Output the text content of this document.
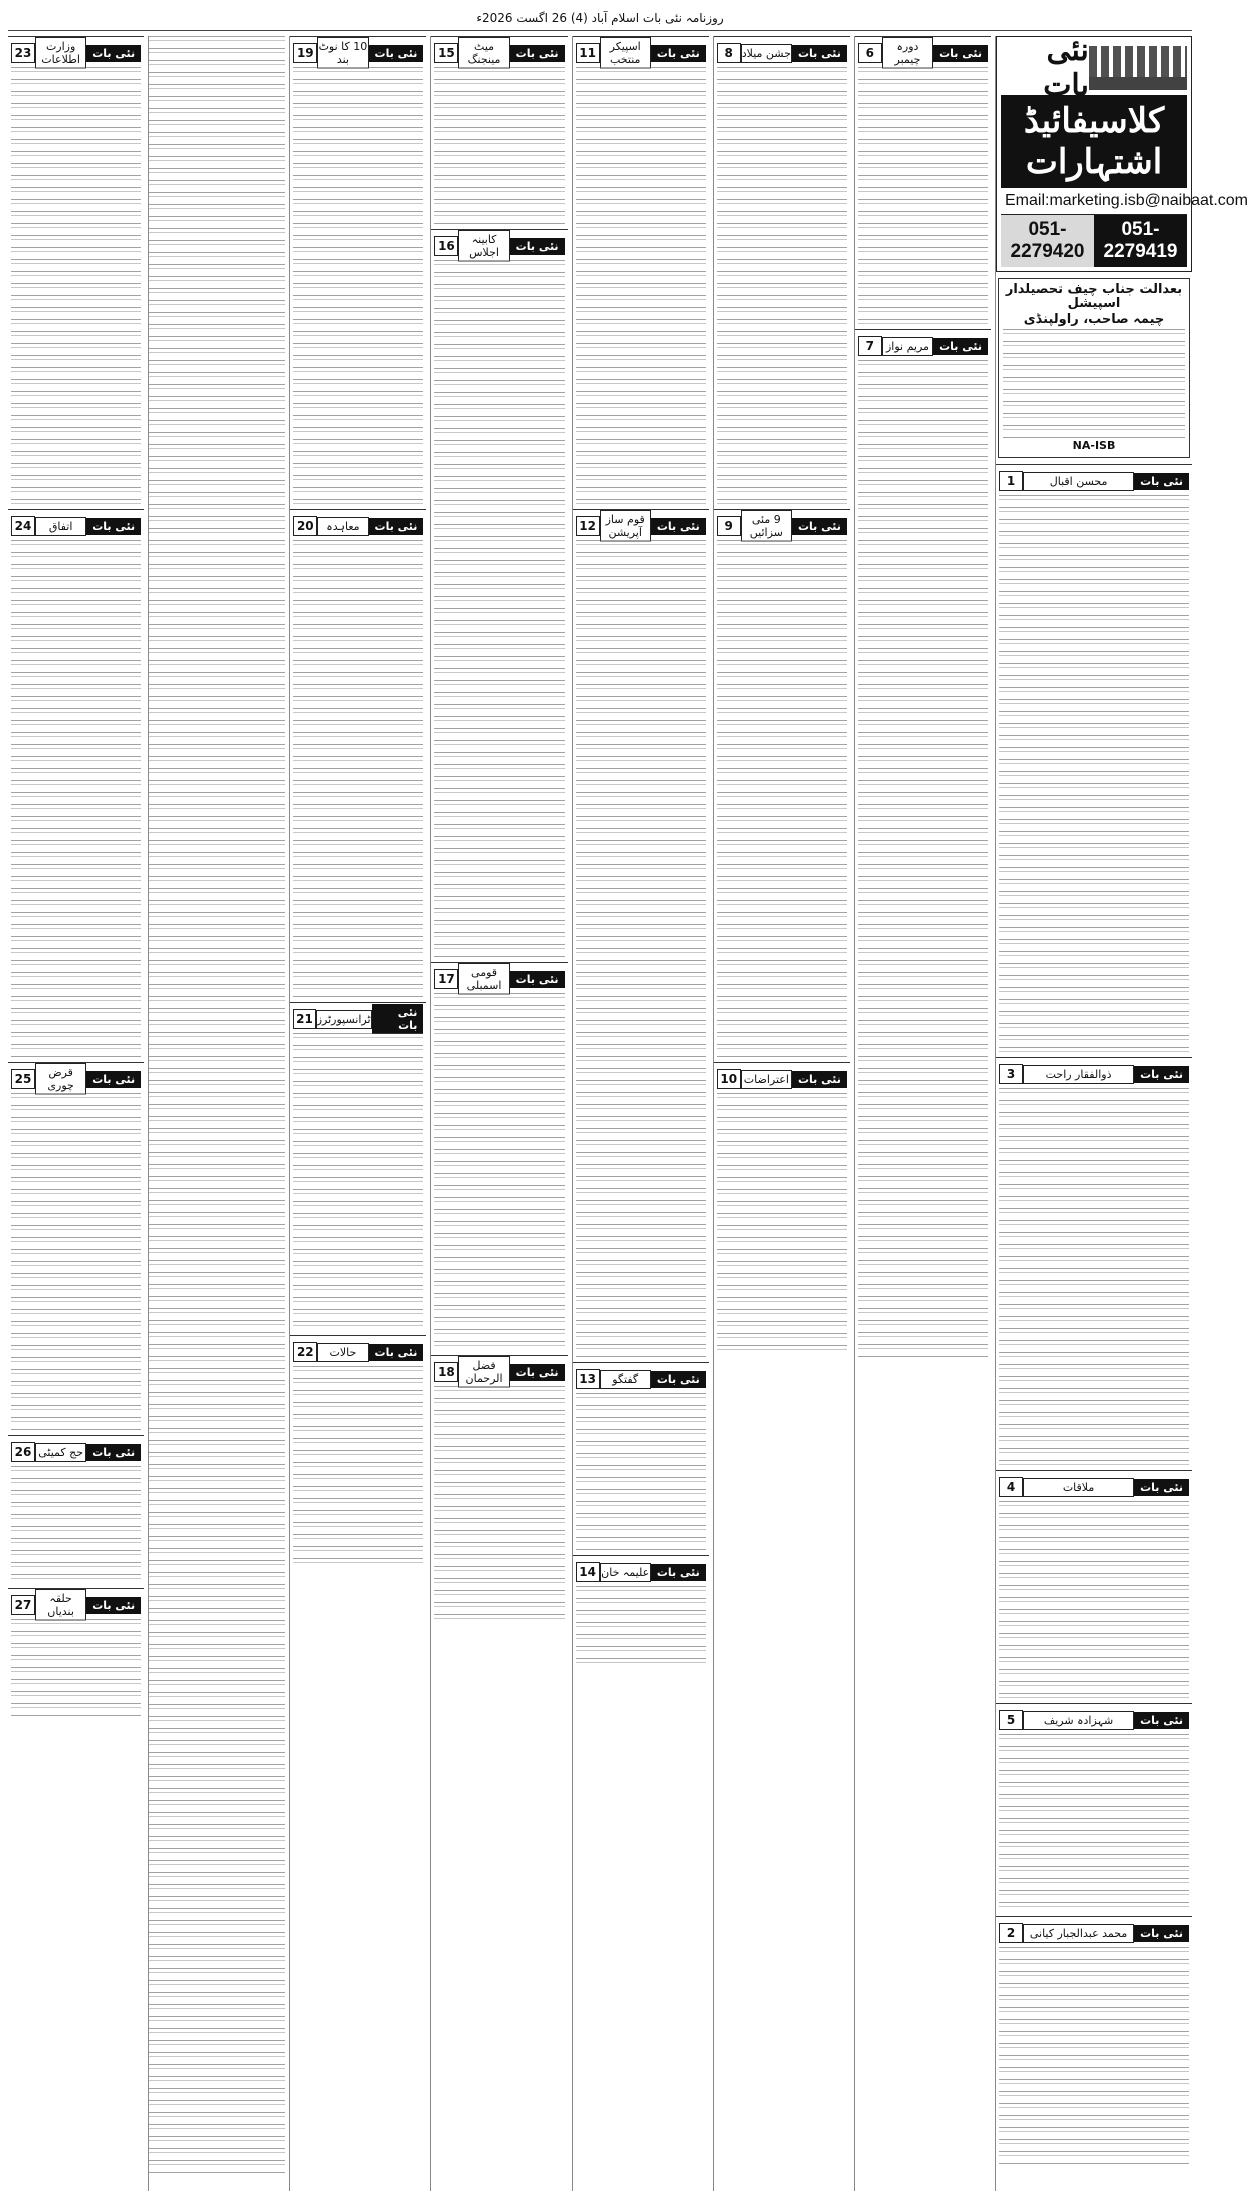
روزنامہ نئی بات اسلام آباد (4) 26 اگست 2026ء
نئی بات
کلاسیفائیڈ اشتہارات
Email:marketing.isb@naibaat.com
051-2279420
051-2279419
بعدالت جناب چیف تحصیلدار اسپیشل
چیمہ صاحب، راولپنڈی
NA-ISB
نئی بات
محسن اقبال
1
نئی بات
ذوالفقار راحت
3
نئی بات
ملاقات
4
نئی بات
شہزادہ شریف
5
نئی بات
محمد عبدالجبار کیانی
2
نئی بات
دورہ چیمبر
6
نئی بات
مریم نواز
7
نئی بات
جشن میلاد
8
نئی بات
9 مئی سزائیں
9
نئی بات
اعتراضات
10
نئی بات
اسپیکر منتخب
11
نئی بات
قوم ساز آپریشن
12
نئی بات
گفتگو
13
نئی بات
علیمہ خان
14
نئی بات
میٹ مینجنگ
15
نئی بات
کابینہ اجلاس
16
نئی بات
قومی اسمبلی
17
نئی بات
فضل الرحمان
18
نئی بات
10 کا نوٹ بند
19
نئی بات
معاہدہ
20
نئی بات
ٹرانسپورٹرز
21
نئی بات
حالات
22
نئی بات
وزارت اطلاعات
23
نئی بات
اتفاق
24
نئی بات
قرض چوری
25
نئی بات
حج کمیٹی
26
نئی بات
حلقہ بندیاں
27
